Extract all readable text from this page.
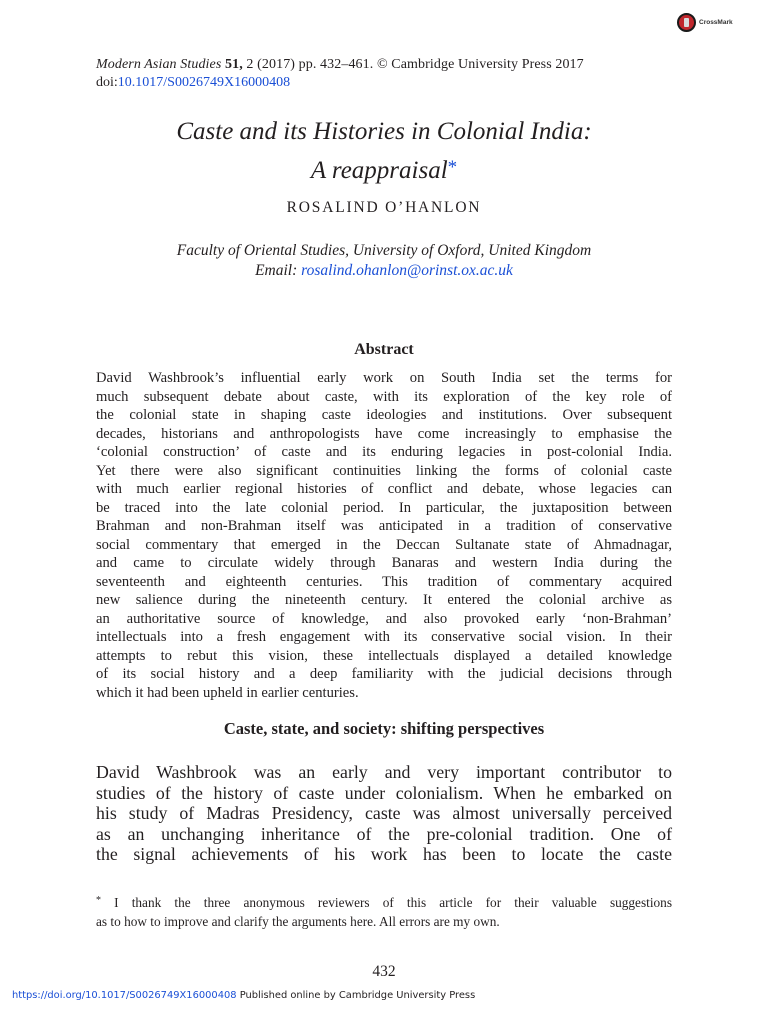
CrossMark
Modern Asian Studies 51, 2 (2017) pp. 432–461. © Cambridge University Press 2017
doi:10.1017/S0026749X16000408
Caste and its Histories in Colonial India:
A reappraisal*
ROSALIND O’HANLON
Faculty of Oriental Studies, University of Oxford, United Kingdom
Email: rosalind.ohanlon@orinst.ox.ac.uk
Abstract
David Washbrook’s influential early work on South India set the terms for
much subsequent debate about caste, with its exploration of the key role of
the colonial state in shaping caste ideologies and institutions. Over subsequent
decades, historians and anthropologists have come increasingly to emphasise the
‘colonial construction’ of caste and its enduring legacies in post-colonial India.
Yet there were also significant continuities linking the forms of colonial caste
with much earlier regional histories of conflict and debate, whose legacies can
be traced into the late colonial period. In particular, the juxtaposition between
Brahman and non-Brahman itself was anticipated in a tradition of conservative
social commentary that emerged in the Deccan Sultanate state of Ahmadnagar,
and came to circulate widely through Banaras and western India during the
seventeenth and eighteenth centuries. This tradition of commentary acquired
new salience during the nineteenth century. It entered the colonial archive as
an authoritative source of knowledge, and also provoked early ‘non-Brahman’
intellectuals into a fresh engagement with its conservative social vision. In their
attempts to rebut this vision, these intellectuals displayed a detailed knowledge
of its social history and a deep familiarity with the judicial decisions through
which it had been upheld in earlier centuries.
Caste, state, and society: shifting perspectives
David Washbrook was an early and very important contributor to
studies of the history of caste under colonialism. When he embarked on
his study of Madras Presidency, caste was almost universally perceived
as an unchanging inheritance of the pre-colonial tradition. One of
the signal achievements of his work has been to locate the caste
* I thank the three anonymous reviewers of this article for their valuable suggestions
as to how to improve and clarify the arguments here. All errors are my own.
432
https://doi.org/10.1017/S0026749X16000408 Published online by Cambridge University Press
